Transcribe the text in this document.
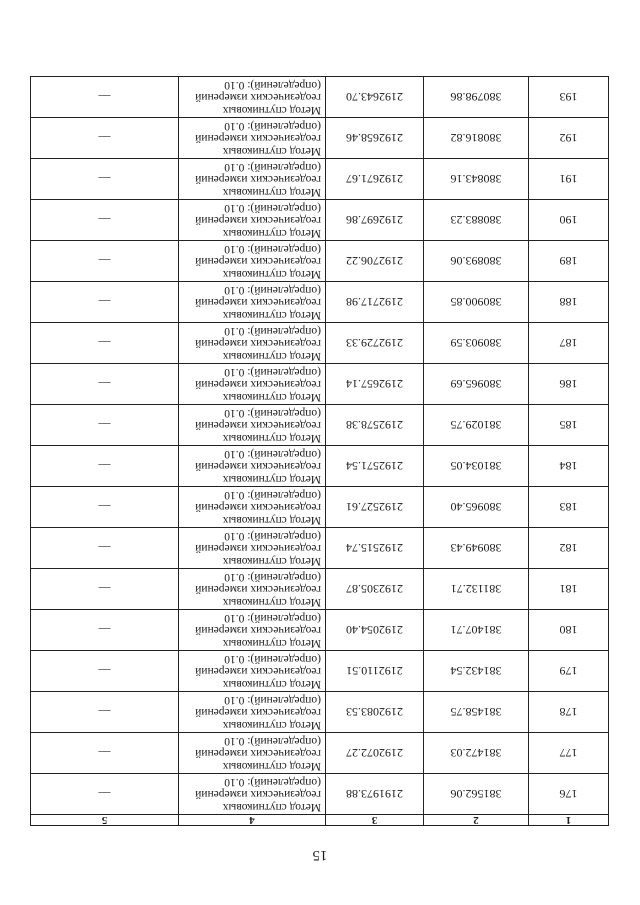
15
1	2	3	4	5
176	381562.06	2191973.88	Метод спутниковых
геодезических измерений
(определений): 0.10	—
177	381472.03	2192072.27	Метод спутниковых
геодезических измерений
(определений): 0.10	—
178	381458.75	2192083.53	Метод спутниковых
геодезических измерений
(определений): 0.10	—
179	381432.54	2192110.51	Метод спутниковых
геодезических измерений
(определений): 0.10	—
180	381407.71	2192054.40	Метод спутниковых
геодезических измерений
(определений): 0.10	—
181	381132.71	2192305.87	Метод спутниковых
геодезических измерений
(определений): 0.10	—
182	380949.43	2192515.74	Метод спутниковых
геодезических измерений
(определений): 0.10	—
183	380965.40	2192527.61	Метод спутниковых
геодезических измерений
(определений): 0.10	—
184	381034.05	2192571.54	Метод спутниковых
геодезических измерений
(определений): 0.10	—
185	381029.75	2192578.38	Метод спутниковых
геодезических измерений
(определений): 0.10	—
186	380965.69	2192657.14	Метод спутниковых
геодезических измерений
(определений): 0.10	—
187	380903.59	2192729.33	Метод спутниковых
геодезических измерений
(определений): 0.10	—
188	380900.85	2192717.98	Метод спутниковых
геодезических измерений
(определений): 0.10	—
189	380893.06	2192706.22	Метод спутниковых
геодезических измерений
(определений): 0.10	—
190	380883.23	2192697.86	Метод спутниковых
геодезических измерений
(определений): 0.10	—
191	380843.16	2192671.67	Метод спутниковых
геодезических измерений
(определений): 0.10	—
192	380816.82	2192658.46	Метод спутниковых
геодезических измерений
(определений): 0.10	—
193	380798.86	2192643.70	Метод спутниковых
геодезических измерений
(определений): 0.10	—
